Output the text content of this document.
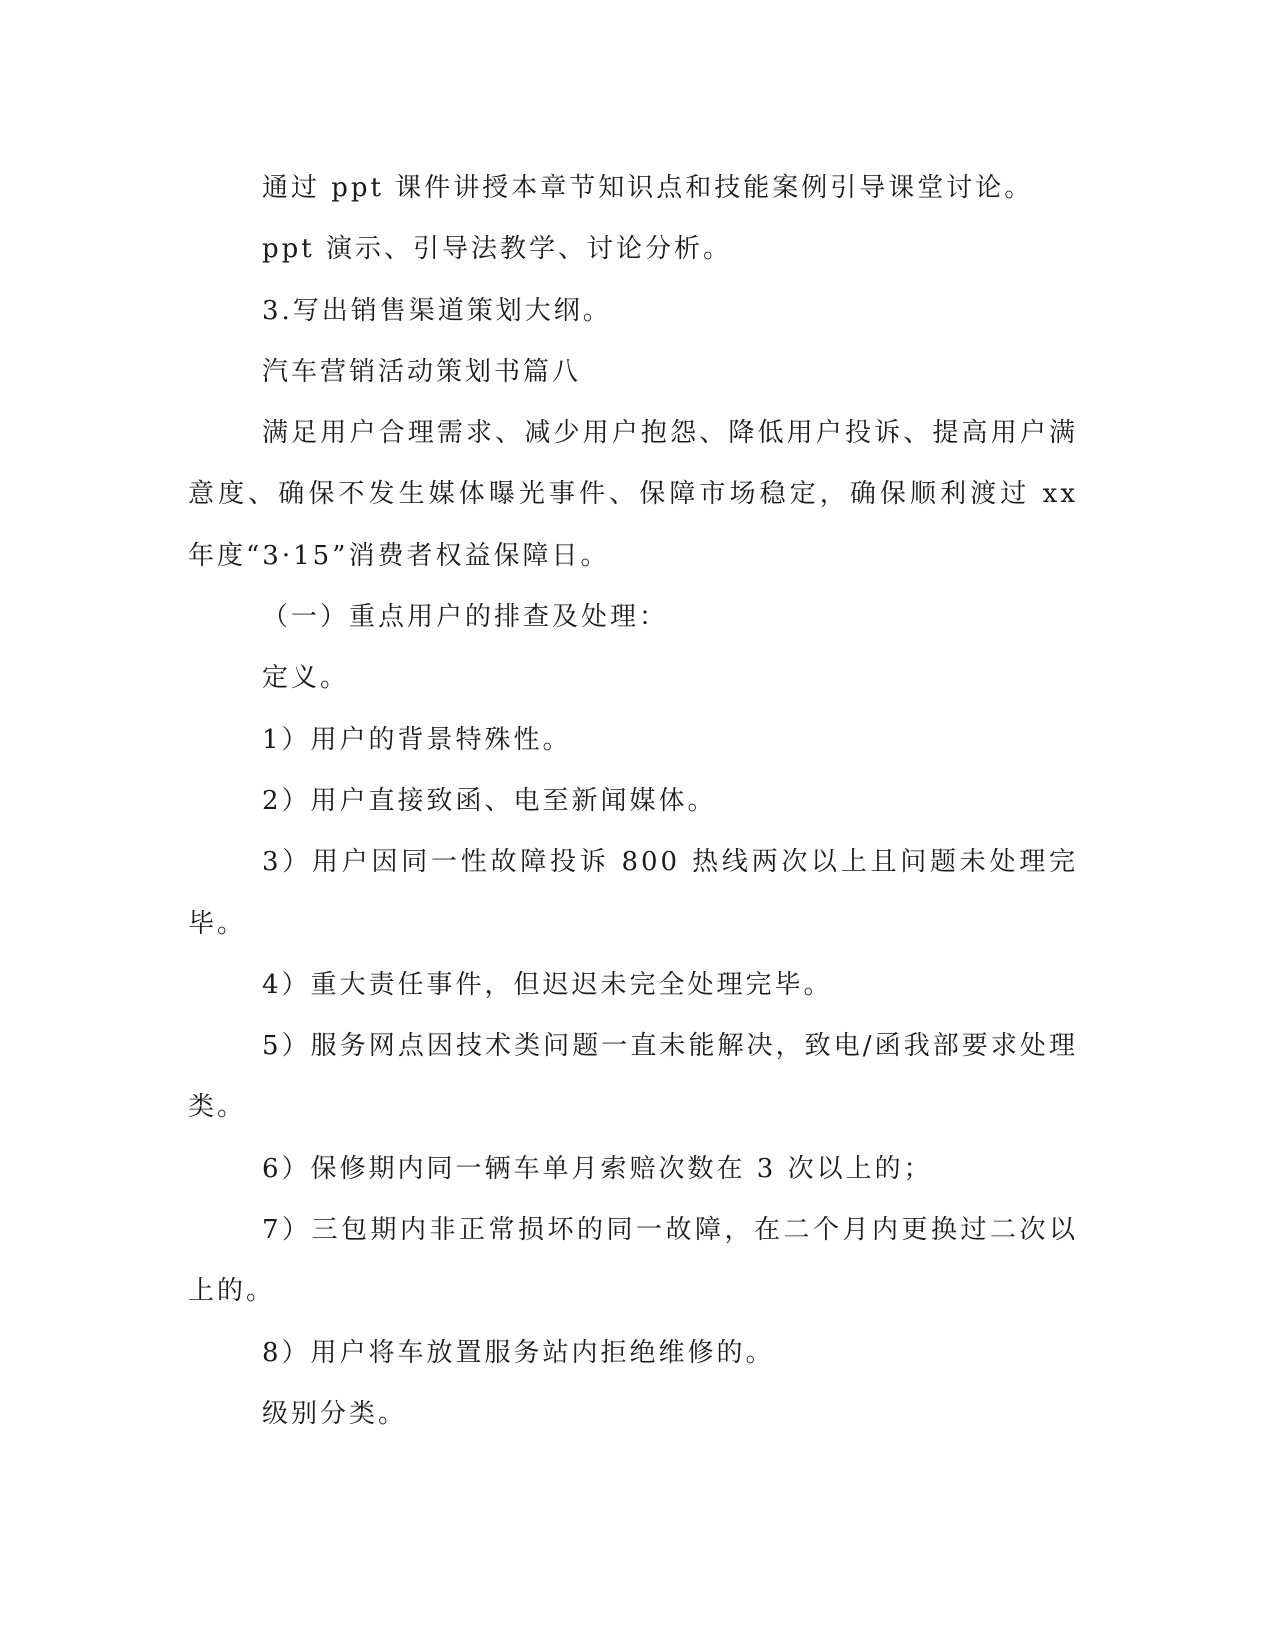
通过 ppt 课件讲授本章节知识点和技能案例引导课堂讨论。

ppt 演示、引导法教学、讨论分析。

3.写出销售渠道策划大纲。

汽车营销活动策划书篇八

满足用户合理需求、减少用户抱怨、降低用户投诉、提高用户满意度、确保不发生媒体曝光事件、保障市场稳定，确保顺利渡过 xx 年度“3·15”消费者权益保障日。

（一）重点用户的排查及处理：

定义。

1）用户的背景特殊性。

2）用户直接致函、电至新闻媒体。

3）用户因同一性故障投诉 800 热线两次以上且问题未处理完毕。

4）重大责任事件，但迟迟未完全处理完毕。

5）服务网点因技术类问题一直未能解决，致电/函我部要求处理类。

6）保修期内同一辆车单月索赔次数在 3 次以上的；

7）三包期内非正常损坏的同一故障，在二个月内更换过二次以上的。

8）用户将车放置服务站内拒绝维修的。

级别分类。
